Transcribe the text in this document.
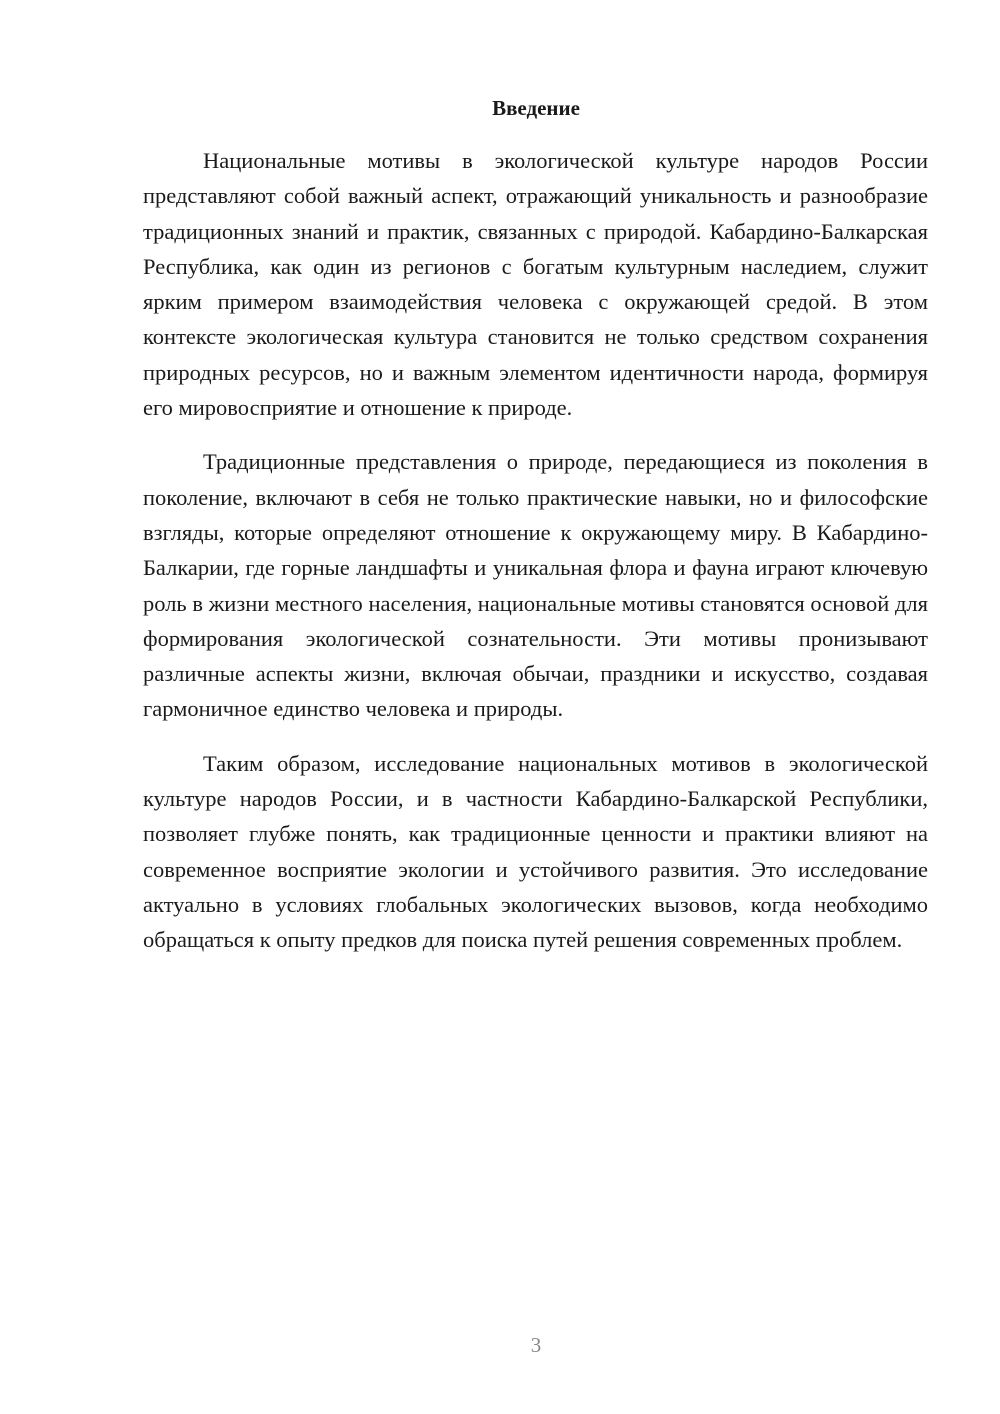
Введение

Национальные мотивы в экологической культуре народов России представляют собой важный аспект, отражающий уникальность и разнообразие традиционных знаний и практик, связанных с природой. Кабардино-Балкарская Республика, как один из регионов с богатым культурным наследием, служит ярким примером взаимодействия человека с окружающей средой. В этом контексте экологическая культура становится не только средством сохранения природных ресурсов, но и важным элементом идентичности народа, формируя его мировосприятие и отношение к природе.

Традиционные представления о природе, передающиеся из поколения в поколение, включают в себя не только практические навыки, но и философские взгляды, которые определяют отношение к окружающему миру. В Кабардино-Балкарии, где горные ландшафты и уникальная флора и фауна играют ключевую роль в жизни местного населения, национальные мотивы становятся основой для формирования экологической сознательности. Эти мотивы пронизывают различные аспекты жизни, включая обычаи, праздники и искусство, создавая гармоничное единство человека и природы.

Таким образом, исследование национальных мотивов в экологической культуре народов России, и в частности Кабардино-Балкарской Республики, позволяет глубже понять, как традиционные ценности и практики влияют на современное восприятие экологии и устойчивого развития. Это исследование актуально в условиях глобальных экологических вызовов, когда необходимо обращаться к опыту предков для поиска путей решения современных проблем.

3
